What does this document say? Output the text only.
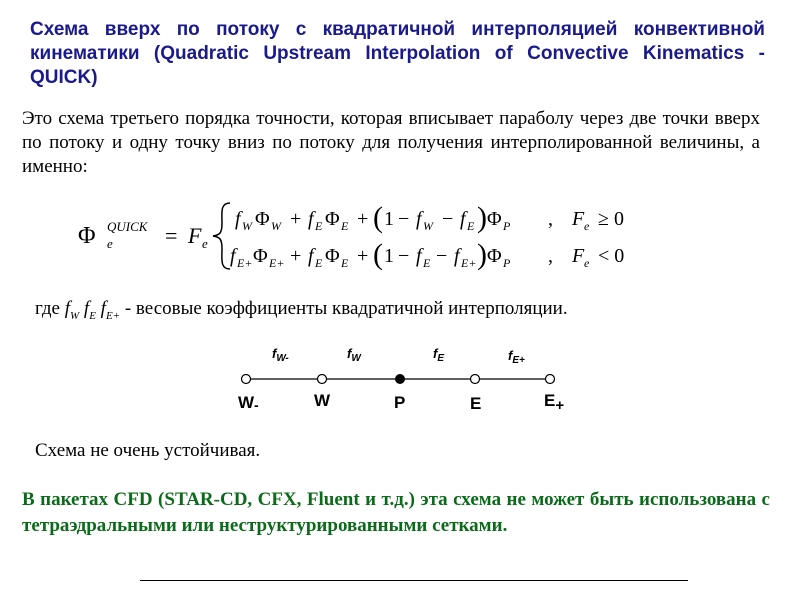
Схема вверх по потоку с квадратичной интерполяцией конвективной кинематики (Quadratic Upstream Interpolation of Convective Kinematics - QUICK)

Это схема третьего порядка точности, которая вписывает параболу через две точки вверх по потоку и одну точку вниз по потоку для получения интерполированной величины, а именно:

Φ QUICK
e = F e
f W Φ W + f E Φ E + ( 1 − f W − f E ) Φ P , F e ≥ 0
f E+ Φ E+ + f E Φ E + ( 1 − f E − f E+ ) Φ P , F e < 0

где $f_W$ $f_E$ $f_{E+}$ - весовые коэффициенты квадратичной интерполяции.

$f_{W-}$	$f_W$	$f_E$	$f_{E+}$
W-	W	P	E	E+

Схема не очень устойчивая.

В пакетах CFD (STAR-CD, CFX, Fluent и т.д.) эта схема не может быть использована с тетраэдральными или неструктурированными сетками.
